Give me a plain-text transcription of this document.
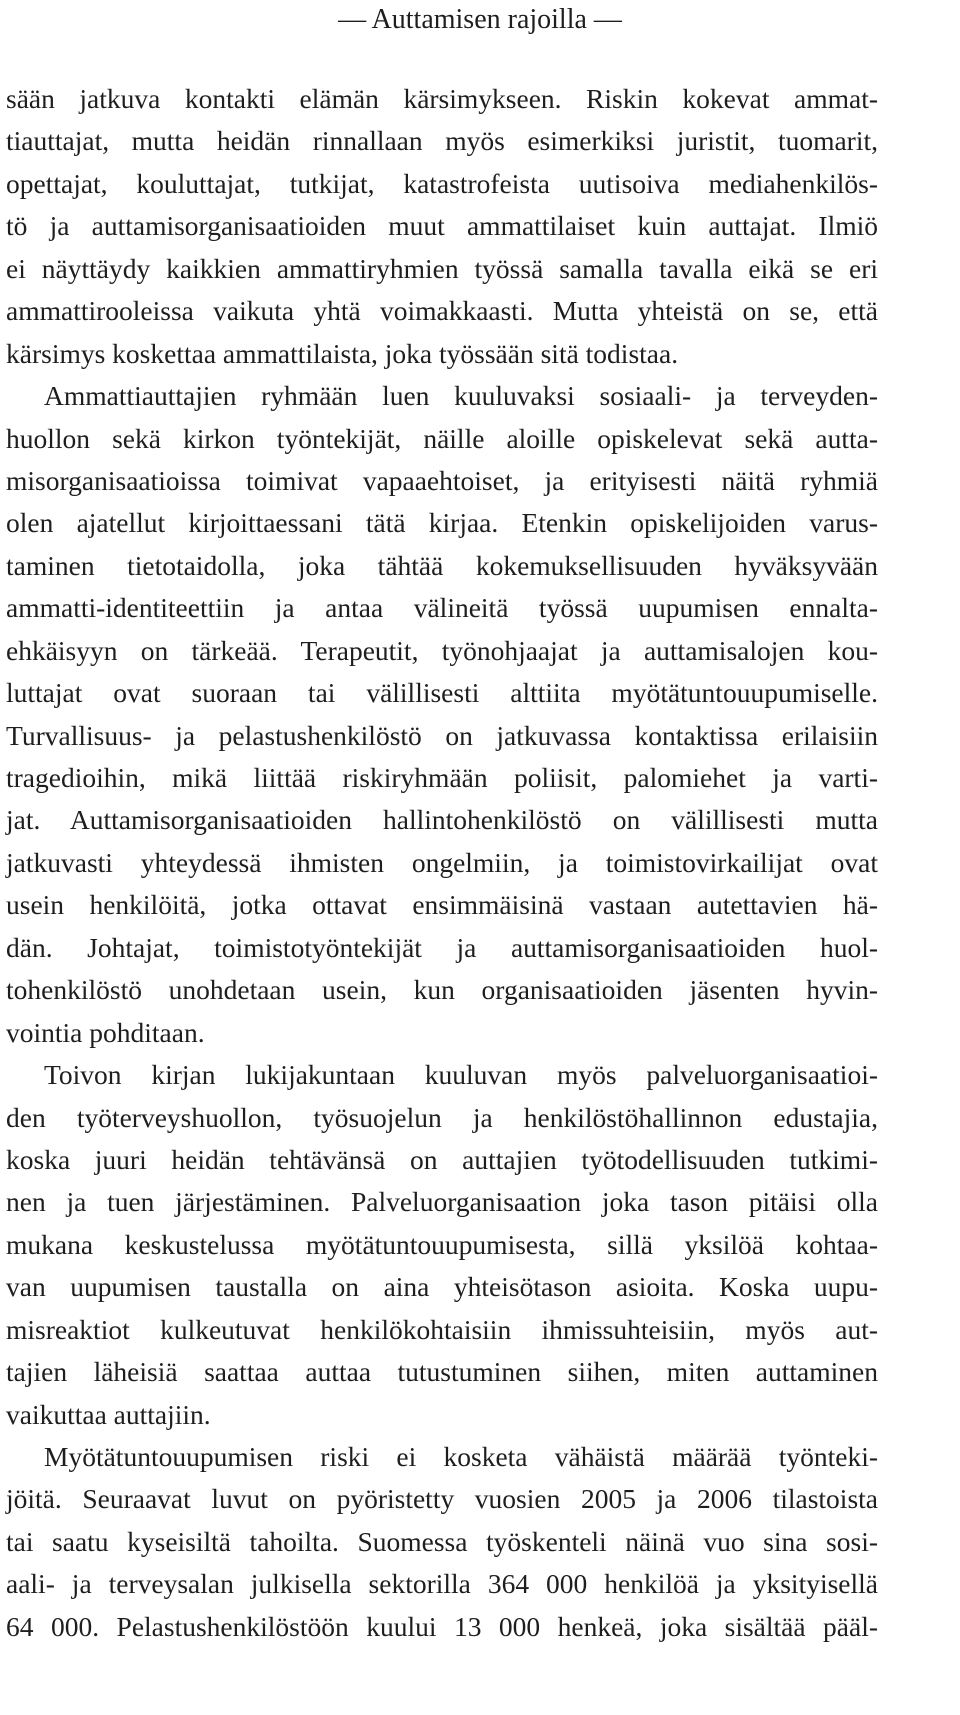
— Auttamisen rajoilla —
sään jatkuva kontakti elämän kärsimykseen. Riskin kokevat ammat-
tiauttajat, mutta heidän rinnallaan myös esimerkiksi juristit, tuomarit,
opettajat, kouluttajat, tutkijat, katastrofeista uutisoiva mediahenkilös-
tö ja auttamisorganisaatioiden muut ammattilaiset kuin auttajat. Ilmiö
ei näyttäydy kaikkien ammattiryhmien työssä samalla tavalla eikä se eri
ammattirooleissa vaikuta yhtä voimakkaasti. Mutta yhteistä on se, että
kärsimys koskettaa ammattilaista, joka työssään sitä todistaa.
Ammattiauttajien ryhmään luen kuuluvaksi sosiaali- ja terveyden-
huollon sekä kirkon työntekijät, näille aloille opiskelevat sekä autta-
misorganisaatioissa toimivat vapaaehtoiset, ja erityisesti näitä ryhmiä
olen ajatellut kirjoittaessani tätä kirjaa. Etenkin opiskelijoiden varus-
taminen tietotaidolla, joka tähtää kokemuksellisuuden hyväksyvään
ammatti-identiteettiin ja antaa välineitä työssä uupumisen ennalta-
ehkäisyyn on tärkeää. Terapeutit, työnohjaajat ja auttamisalojen kou-
luttajat ovat suoraan tai välillisesti alttiita myötätuntouupumiselle.
Turvallisuus- ja pelastushenkilöstö on jatkuvassa kontaktissa erilaisiin
tragedioihin, mikä liittää riskiryhmään poliisit, palomiehet ja varti-
jat. Auttamisorganisaatioiden hallintohenkilöstö on välillisesti mutta
jatkuvasti yhteydessä ihmisten ongelmiin, ja toimistovirkailijat ovat
usein henkilöitä, jotka ottavat ensimmäisinä vastaan autettavien hä-
dän. Johtajat, toimistotyöntekijät ja auttamisorganisaatioiden huol-
tohenkilöstö unohdetaan usein, kun organisaatioiden jäsenten hyvin-
vointia pohditaan.
Toivon kirjan lukijakuntaan kuuluvan myös palveluorganisaatioi-
den työterveyshuollon, työsuojelun ja henkilöstöhallinnon edustajia,
koska juuri heidän tehtävänsä on auttajien työtodellisuuden tutkimi-
nen ja tuen järjestäminen. Palveluorganisaation joka tason pitäisi olla
mukana keskustelussa myötätuntouupumisesta, sillä yksilöä kohtaa-
van uupumisen taustalla on aina yhteisötason asioita. Koska uupu-
misreaktiot kulkeutuvat henkilökohtaisiin ihmissuhteisiin, myös aut-
tajien läheisiä saattaa auttaa tutustuminen siihen, miten auttaminen
vaikuttaa auttajiin.
Myötätuntouupumisen riski ei kosketa vähäistä määrää työnteki-
jöitä. Seuraavat luvut on pyöristetty vuosien 2005 ja 2006 tilastoista
tai saatu kyseisiltä tahoilta. Suomessa työskenteli näinä vuo sina sosi-
aali- ja terveysalan julkisella sektorilla 364 000 henkilöä ja yksityisellä
64 000. Pelastushenkilöstöön kuului 13 000 henkeä, joka sisältää pääl-
